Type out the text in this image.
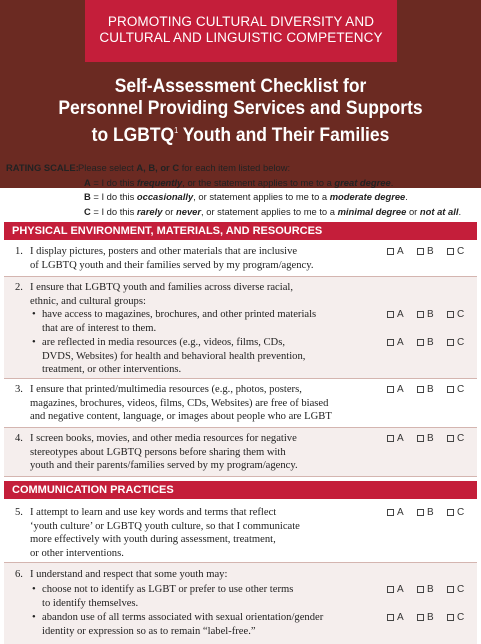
PROMOTING CULTURAL DIVERSITY AND
CULTURAL AND LINGUISTIC COMPETENCY
Self-Assessment Checklist for
Personnel Providing Services and Supports
to LGBTQ$^1$ Youth and Their Families
RATING SCALE: Please select A, B, or C for each item listed below:
A = I do this frequently, or the statement applies to me to a great degree.
B = I do this occasionally, or statement applies to me to a moderate degree.
C = I do this rarely or never, or statement applies to me to a minimal degree or not at all.
PHYSICAL ENVIRONMENT, MATERIALS, AND RESOURCES
1. I display pictures, posters and other materials that are inclusive
of LGBTQ youth and their families served by my program/agency.
A B C
2. I ensure that LGBTQ youth and families across diverse racial,
ethnic, and cultural groups:
• have access to magazines, brochures, and other printed materials
that are of interest to them.
A B C
• are reflected in media resources (e.g., videos, films, CDs,
DVDS, Websites) for health and behavioral health prevention,
treatment, or other interventions.
A B C
3. I ensure that printed/multimedia resources (e.g., photos, posters,
magazines, brochures, videos, films, CDs, Websites) are free of biased
and negative content, language, or images about people who are LGBT
A B C
4. I screen books, movies, and other media resources for negative
stereotypes about LGBTQ persons before sharing them with
youth and their parents/families served by my program/agency.
A B C
COMMUNICATION PRACTICES
5. I attempt to learn and use key words and terms that reflect
‘youth culture’ or LGBTQ youth culture, so that I communicate
more effectively with youth during assessment, treatment,
or other interventions.
A B C
6. I understand and respect that some youth may:
• choose not to identify as LGBT or prefer to use other terms
to identify themselves.
A B C
• abandon use of all terms associated with sexual orientation/gender
identity or expression so as to remain “label-free.”
A B C
